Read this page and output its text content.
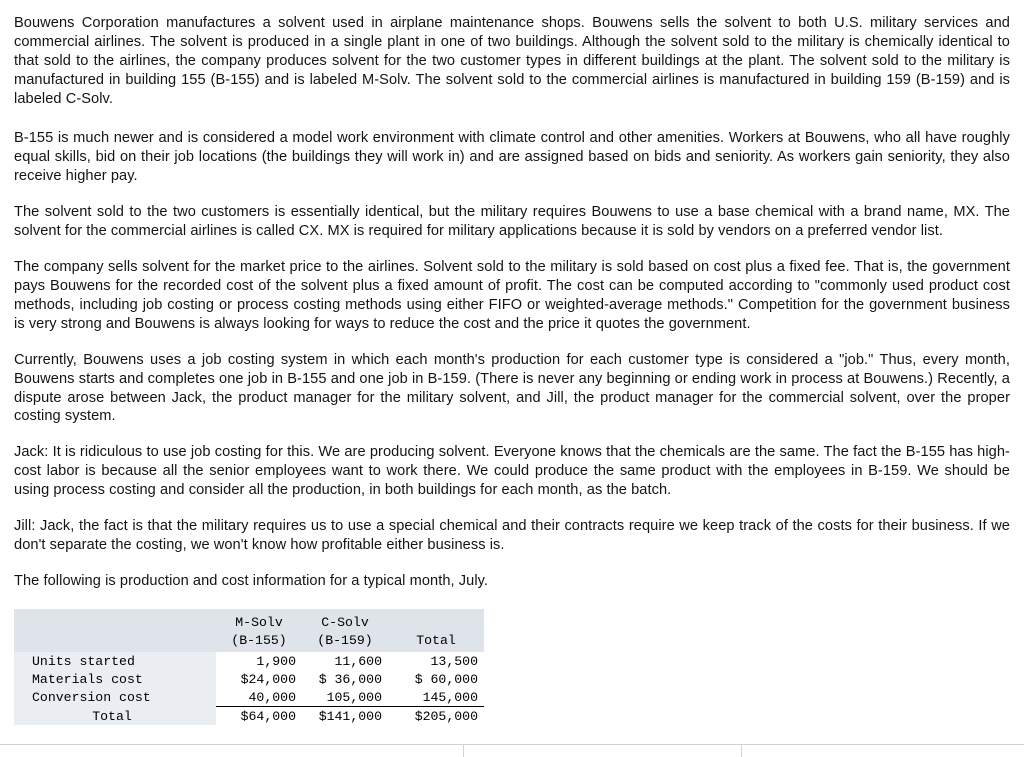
Bouwens Corporation manufactures a solvent used in airplane maintenance shops. Bouwens sells the solvent to both U.S. military services and commercial airlines. The solvent is produced in a single plant in one of two buildings. Although the solvent sold to the military is chemically identical to that sold to the airlines, the company produces solvent for the two customer types in different buildings at the plant. The solvent sold to the military is manufactured in building 155 (B-155) and is labeled M-Solv. The solvent sold to the commercial airlines is manufactured in building 159 (B-159) and is labeled C-Solv.

B-155 is much newer and is considered a model work environment with climate control and other amenities. Workers at Bouwens, who all have roughly equal skills, bid on their job locations (the buildings they will work in) and are assigned based on bids and seniority. As workers gain seniority, they also receive higher pay.

The solvent sold to the two customers is essentially identical, but the military requires Bouwens to use a base chemical with a brand name, MX. The solvent for the commercial airlines is called CX. MX is required for military applications because it is sold by vendors on a preferred vendor list.

The company sells solvent for the market price to the airlines. Solvent sold to the military is sold based on cost plus a fixed fee. That is, the government pays Bouwens for the recorded cost of the solvent plus a fixed amount of profit. The cost can be computed according to "commonly used product cost methods, including job costing or process costing methods using either FIFO or weighted-average methods." Competition for the government business is very strong and Bouwens is always looking for ways to reduce the cost and the price it quotes the government.

Currently, Bouwens uses a job costing system in which each month's production for each customer type is considered a "job." Thus, every month, Bouwens starts and completes one job in B-155 and one job in B-159. (There is never any beginning or ending work in process at Bouwens.) Recently, a dispute arose between Jack, the product manager for the military solvent, and Jill, the product manager for the commercial solvent, over the proper costing system.

Jack: It is ridiculous to use job costing for this. We are producing solvent. Everyone knows that the chemicals are the same. The fact the B-155 has high-cost labor is because all the senior employees want to work there. We could produce the same product with the employees in B-159. We should be using process costing and consider all the production, in both buildings for each month, as the batch.

Jill: Jack, the fact is that the military requires us to use a special chemical and their contracts require we keep track of the costs for their business. If we don't separate the costing, we won't know how profitable either business is.

The following is production and cost information for a typical month, July.

	M-Solv	C-Solv	
	(B-155)	(B-159)	Total
Units started	1,900	11,600	13,500
Materials cost	$24,000	$ 36,000	$ 60,000
Conversion cost	40,000	105,000	145,000
Total	$64,000	$141,000	$205,000
